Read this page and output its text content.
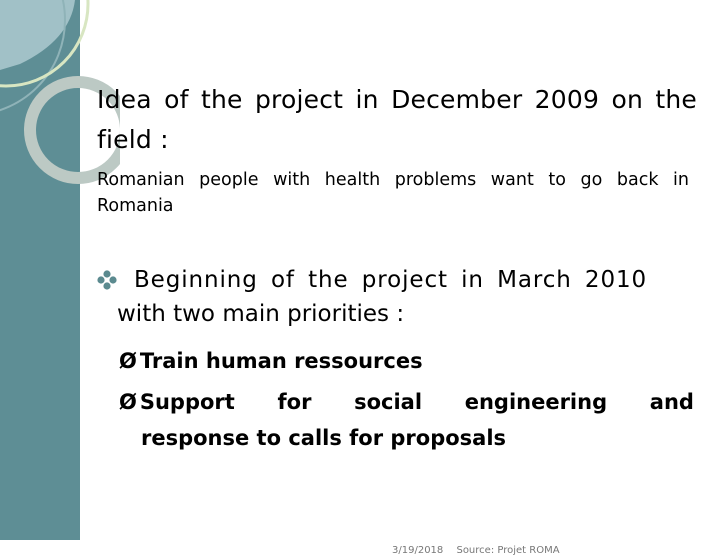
Idea of the project in December 2009 on the field :
Romanian people with health problems want to go back in Romania
Beginning of the project in March 2010
with two main priorities :
Ø Train human ressources
Ø Support for social engineering and
response to calls for proposals
3/19/2018 Source: Projet ROMA
